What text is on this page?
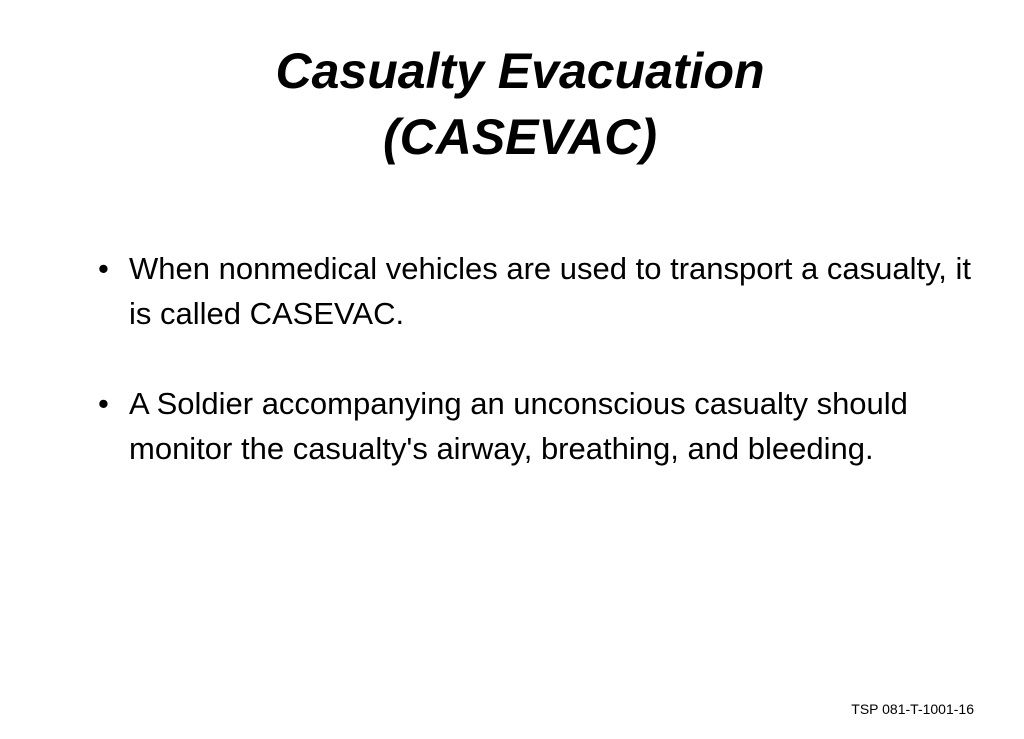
Casualty Evacuation
(CASEVAC)
• When nonmedical vehicles are used to transport a casualty, it is called CASEVAC.
• A Soldier accompanying an unconscious casualty should monitor the casualty's airway, breathing, and bleeding.
TSP 081-T-1001-16
